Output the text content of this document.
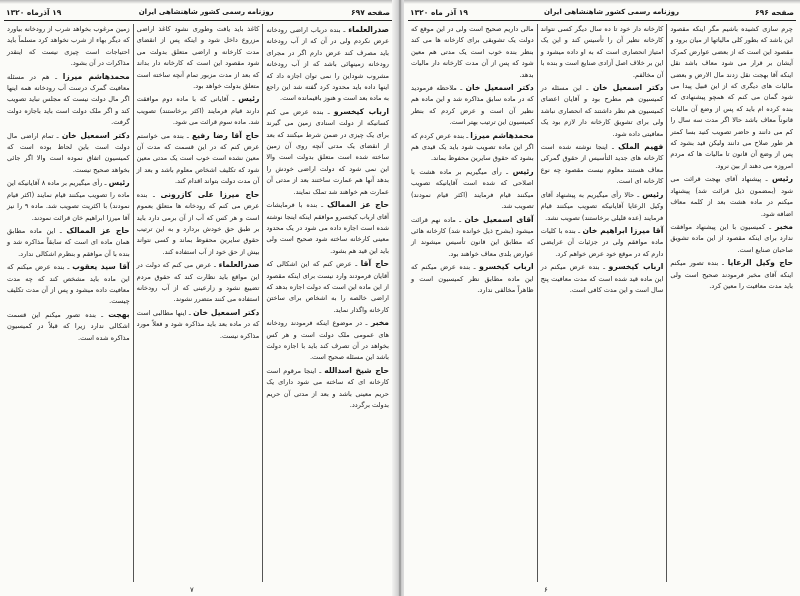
صفحه ۶۹۷
روزنامه رسمی کشور شاهنشاهی ایران
۱۹ آذرماه ۱۳۲۰

صدرالعلماء ـ بنده درباب اراضی رودخانه عرض نکردم ولی در آن که از آب رودخانه باید مصرف کند عرض دارم اگر در مجرای رودخانه زمینهائی باشد که از آب رودخانه مشروب شوداین را نمی توان اجازه داد که اینها داده باید محدود کرد گفته شد این راجع به ماده بعد است و هنوز باقیمانده است.

ارباب کیخسرو ـ بنده عرض می کنم کسانیکه از دولت اسنادی زمین می گیرند برای یک چیزی در ضمن شرط میکنند که بعد از انقضای یک مدتی آنچه روی آن زمین ساخته شده است متعلق بدولت است والا این نمی شود که دولت اراضی خودش را بدهد آنها هم عمارت ساختند بعد از مدتی آن عمارت هم خواهند شد تملک نمایند.

حاج عز الممالک ـ بنده با فرمایشات آقای ارباب کیخسرو موافقم اینکه اینجا نوشته شده است اجازه داده می شود در یک محدود معینی کارخانه ساخته شود صحیح است ولی باید این قید هم بشود.

حاج آقا ـ عرض کنم که این اشکالی که آقایان فرمودند وارد نیست برای اینکه مقصود از این ماده این است که دولت اجازه بدهد که اراضی خالصه را به اشخاص برای ساختن کارخانه واگذار نماید.

مخبر ـ در موضوع اینکه فرمودند رودخانه های عمومی ملک دولت است و هر کس بخواهد در آن تصرف کند باید با اجازه دولت باشد این مسئله صحیح است.

حاج شیخ اسدالله ـ اینجا مرقوم است کارخانه ای که ساخته می شود دارای یک حریم معینی باشد و بعد از مدتی آن حریم بدولت برگردد.

کاغذ باید یافت وطوری نشود کاغذ اراضی مزروع داخل شود و اینکه پس از انقضای مدت کارخانه و اراضی متعلق بدولت می شود مقصود این است که کارخانه دار بداند که بعد از مدت مزبور تمام آنچه ساخته است متعلق بدولت خواهد بود.

رئیس ـ آقایانی که با ماده دوم موافقت دارند قیام فرمایند (اکثر برخاستند) تصویب شد. ماده سوم قرائت می شود.

حاج آقا رضا رفیع ـ بنده می خواستم عرض کنم که در این قسمت که مدت آن معین نشده است خوب است یک مدتی معین شود که تکلیف اشخاص معلوم باشد و بعد از آن مدت دولت بتواند اقدام کند.

حاج میرزا علی کازرونی ـ بنده عرض می کنم که رودخانه ها متعلق بعموم است و هر کس که آب از آن برمی دارد باید بر طبق حق خودش بردارد و به این ترتیب حقوق سایرین محفوظ بماند و کسی نتواند بیش از حق خود از آب استفاده کند.

صدرالعلماء ـ عرض می کنم که دولت در این مواقع باید نظارت کند که حقوق مردم تضییع نشود و زارعینی که از آب رودخانه استفاده می کنند متضرر نشوند.

دکتر اسمعیل خان ـ اینها مطالبی است که در ماده بعد باید مذاکره شود و فعلاً مورد مذاکره نیست.

زمین مرغوب بخواهد شرب از رودخانه بیاورد که دیگر بهاء از شرب نخواهد کرد مسلماً باید احتیاجات است چیزی نیست که اینقدر مذاکرات در آن بشود.

محمدهاشم میرزا ـ هم در مسئله معافیت گمرک درست آب رودخانه همه اینها اگر مال دولت نیست که مجلس نباید تصویب کند و اگر ملک دولت است باید باجازه دولت گرفت.

دکتر اسمعیل خان ـ تمام اراضی مال دولت است باین لحاظ بوده است که کمیسیون اتفاق نموده است والا اگر جائی بخواهد صحیح نیست.

رئیس ـ رأی میگیریم بر ماده ۸ آقایانیکه این ماده را تصویب میکنند قیام نمایند (اکثر قیام نمودند) با اکثریت تصویب شد. ماده ۹ را نیز آقا میرزا ابراهیم خان قرائت نمودند.

حاج عز الممالک ـ این ماده مطابق همان ماده ای است که سابقاً مذاکره شد و بنده با آن موافقم و بنظرم اشکالی ندارد.

آقا سید یعقوب ـ بنده عرض میکنم که این ماده باید مشخص کند که چه مدت معافیت داده میشود و پس از آن مدت تکلیف چیست.

بهجت ـ بنده تصور میکنم این قسمت اشکالی ندارد زیرا که قبلاً در کمیسیون مذاکره شده است.

۷
صفحه ۶۹۶
روزنامه رسمی کشور شاهنشاهی ایران
۱۹ آذر ماه ۱۳۲۰

چرم سازی کشیده باشیم مگر اینکه مقصود این باشد که بطور کلی مالیاتها از میان برود و مقصود این است که از بعضی عوارض کمرک آیشان بر قرار می شود معاف باشد نقل اینکه آقا بهجت نقل زدند مال الارض و بعضی مالیات های دیگری که از این قبیل پیدا می شود گمان می کنم که همچو پیشنهادی که بنده کرده ام باید که پس از وضع آن مالیات قانوناً معاف باشد حالا اگر مدت سه سال را کم می دانند و حاضر تصویب کنید بسا کمتر هر طور صلاح می دانند ولیکن قید بشود که پس از وضع آن قانون تا مالیات ها که مردم امروزه می دهند از بین نرود.

رئیس ـ پیشنهاد آقای بهجت قرائت می شود (بمضمون ذیل قرائت شد) پیشنهاد میکنم در ماده هشت بعد از کلمه معاف اضافه شود.

مخبر ـ کمیسیون با این پیشنهاد موافقت ندارد برای اینکه مقصود از این ماده تشویق صاحبان صنایع است.

حاج وکیل الرعایا ـ بنده تصور میکنم اینکه آقای مخبر فرمودند صحیح است ولی باید مدت معافیت را معین کرد.

کارخانه دار خود تا ده سال دیگر کسی نتواند کارخانه نظیر آن را تأسیس کند و این یک امتیاز انحصاری است که به او داده میشود و این بر خلاف اصل آزادی صنایع است و بنده با آن مخالفم.

دکتر اسمعیل خان ـ این مسئله در کمیسیون هم مطرح بود و آقایان اعضای کمیسیون هم نظر داشتند که انحصاری نباشد ولی برای تشویق کارخانه دار لازم بود یک معافیتی داده شود.

فهیم الملک ـ اینجا نوشته شده است کارخانه های جدید التأسیس از حقوق گمرکی معاف هستند معلوم نیست مقصود چه نوع کارخانه ای است.

رئیس ـ حالا رأی میگیریم به پیشنهاد آقای وکیل الرعایا آقایانیکه تصویب میکنند قیام فرمایند (عده قلیلی برخاستند) تصویب نشد.

آقا میرزا ابراهیم خان ـ بنده با کلیات ماده موافقم ولی در جزئیات آن عرایضی دارم که در موقع خود عرض خواهم کرد.

ارباب کیخسرو ـ بنده عرض میکنم در این ماده قید شده است که مدت معافیت پنج سال است و این مدت کافی است.

مالی داریم صحیح است ولی در این موقع که دولت یک تشویقی برای کارخانه ها می کند بنظر بنده خوب است یک مدتی هم معین شود که پس از آن مدت کارخانه دار مالیات بدهد.

دکتر اسمعیل خان ـ ملاحظه فرمودید که در ماده سابق مذاکره شد و این ماده هم نظیر آن است و عرض کردم که بنظر کمیسیون این ترتیب بهتر است.

محمدهاشم میرزا ـ بنده عرض کردم که اگر این ماده تصویب شود باید یک قیدی هم بشود که حقوق سایرین محفوظ بماند.

رئیس ـ رأی میگیریم بر ماده هشت با اصلاحی که شده است آقایانیکه تصویب میکنند قیام فرمایند (اکثر قیام نمودند) تصویب شد.

آقای اسمعیل خان ـ ماده نهم قرائت میشود (بشرح ذیل خوانده شد) کارخانه هائی که مطابق این قانون تأسیس میشوند از عوارض بلدی معاف خواهند بود.

ارباب کیخسرو ـ بنده عرض میکنم که این ماده مطابق نظر کمیسیون است و ظاهراً مخالفی ندارد.

۶
